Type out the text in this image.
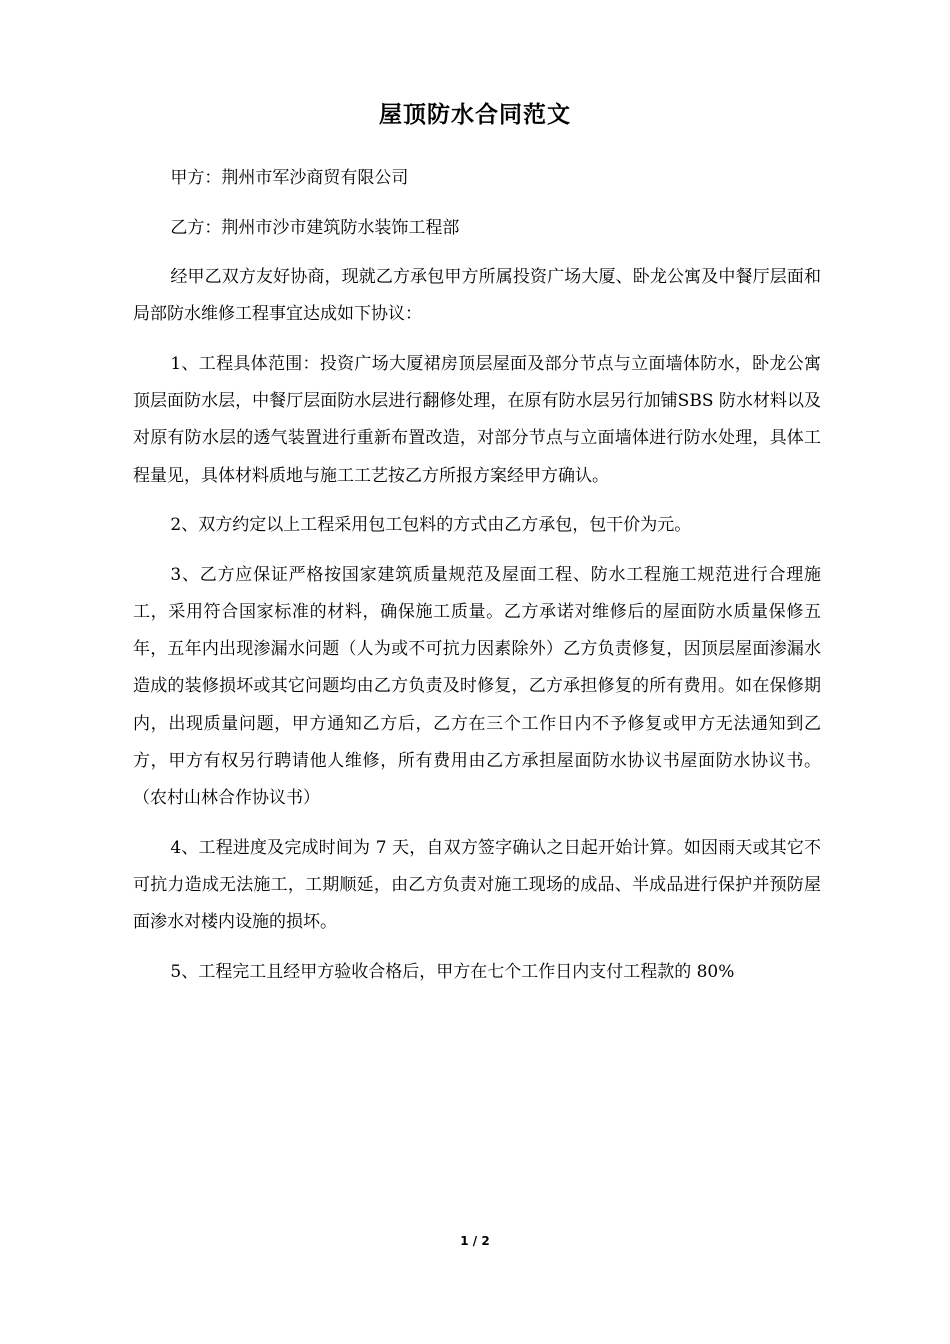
屋顶防水合同范文

甲方：荆州市军沙商贸有限公司

乙方：荆州市沙市建筑防水装饰工程部

经甲乙双方友好协商，现就乙方承包甲方所属投资广场大厦、卧龙公寓及中餐厅层面和局部防水维修工程事宜达成如下协议：

1、工程具体范围：投资广场大厦裙房顶层屋面及部分节点与立面墙体防水，卧龙公寓顶层面防水层，中餐厅层面防水层进行翻修处理，在原有防水层另行加铺SBS 防水材料以及对原有防水层的透气装置进行重新布置改造，对部分节点与立面墙体进行防水处理，具体工程量见，具体材料质地与施工工艺按乙方所报方案经甲方确认。

2、双方约定以上工程采用包工包料的方式由乙方承包，包干价为元。

3、乙方应保证严格按国家建筑质量规范及屋面工程、防水工程施工规范进行合理施工，采用符合国家标准的材料，确保施工质量。乙方承诺对维修后的屋面防水质量保修五年，五年内出现渗漏水问题（人为或不可抗力因素除外）乙方负责修复，因顶层屋面渗漏水造成的装修损坏或其它问题均由乙方负责及时修复，乙方承担修复的所有费用。如在保修期内，出现质量问题，甲方通知乙方后，乙方在三个工作日内不予修复或甲方无法通知到乙方，甲方有权另行聘请他人维修，所有费用由乙方承担屋面防水协议书屋面防水协议书。（农村山林合作协议书）

4、工程进度及完成时间为 7 天，自双方签字确认之日起开始计算。如因雨天或其它不可抗力造成无法施工，工期顺延，由乙方负责对施工现场的成品、半成品进行保护并预防屋面渗水对楼内设施的损坏。

5、工程完工且经甲方验收合格后，甲方在七个工作日内支付工程款的 80%

1 / 2
